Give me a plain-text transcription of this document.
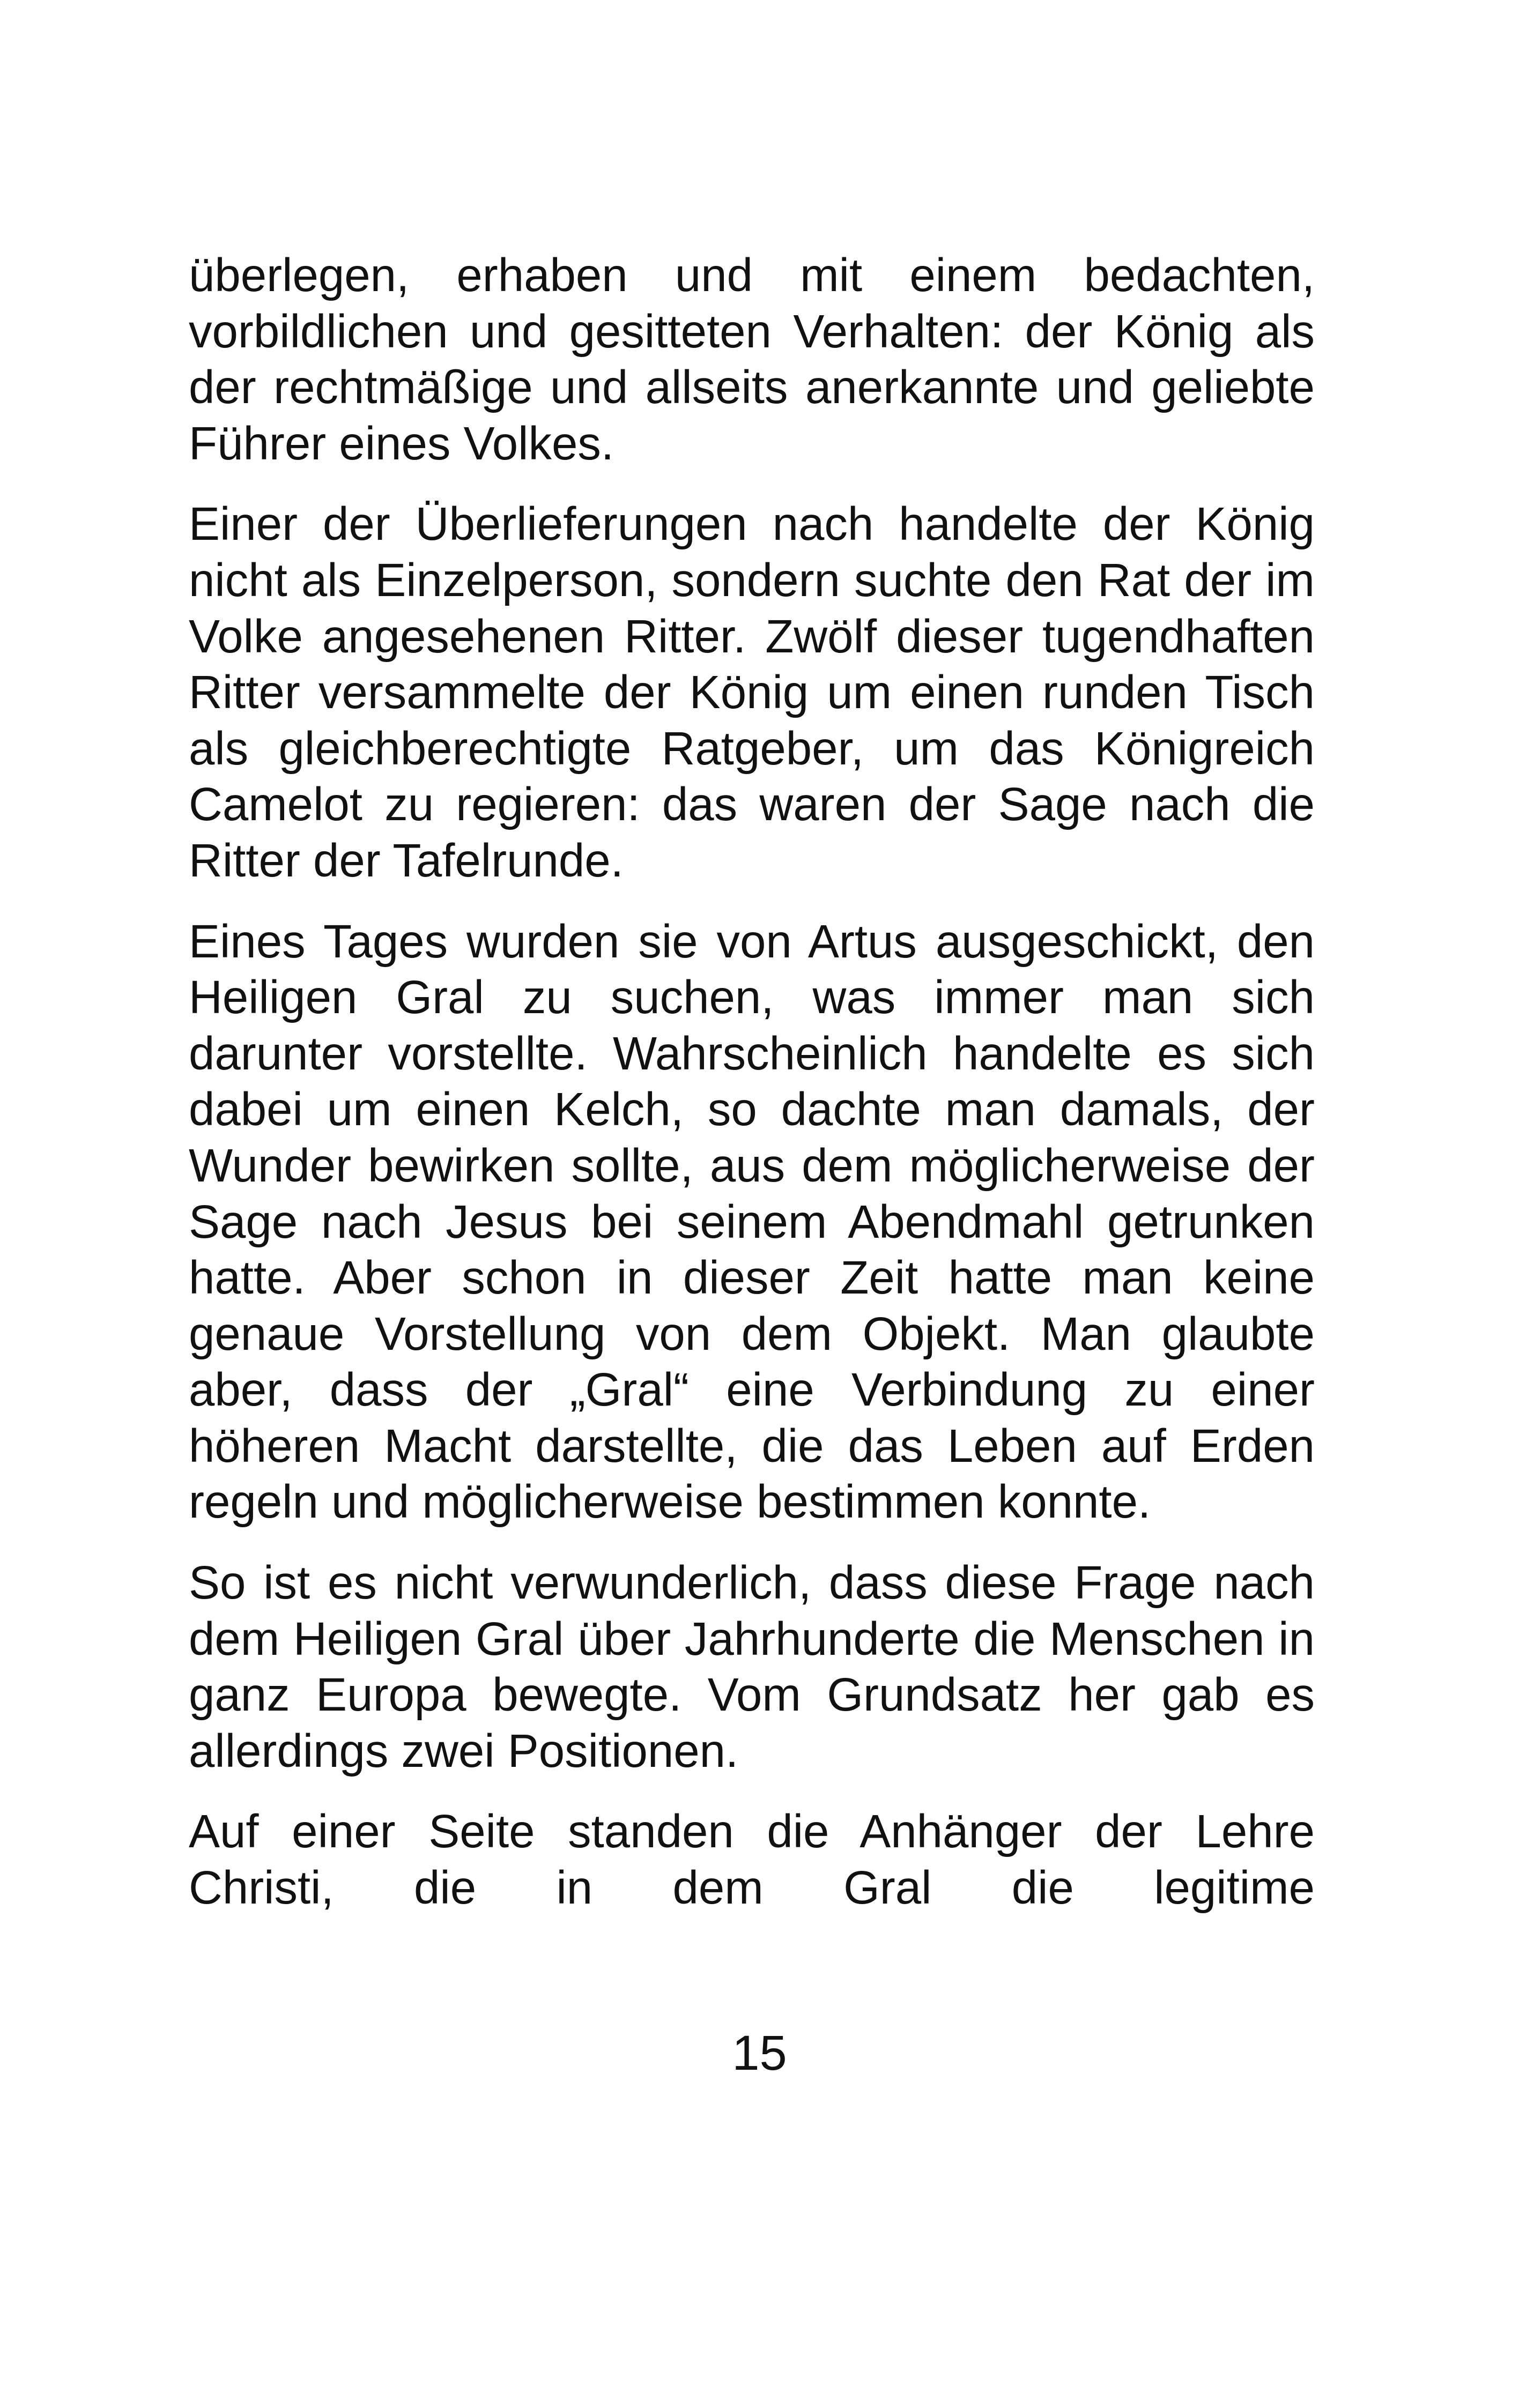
überlegen, erhaben und mit einem bedachten, vorbildlichen und gesitteten Verhalten: der König als der rechtmäßige und allseits anerkannte und geliebte Führer eines Volkes.

Einer der Überlieferungen nach handelte der König nicht als Einzelperson, sondern suchte den Rat der im Volke angesehenen Ritter. Zwölf dieser tugendhaften Ritter versammelte der König um einen runden Tisch als gleichberechtigte Ratgeber, um das Königreich Camelot zu regieren: das waren der Sage nach die Ritter der Tafelrunde.

Eines Tages wurden sie von Artus ausgeschickt, den Heiligen Gral zu suchen, was immer man sich darunter vorstellte. Wahrscheinlich handelte es sich dabei um einen Kelch, so dachte man damals, der Wunder bewirken sollte, aus dem möglicherweise der Sage nach Jesus bei seinem Abendmahl getrunken hatte. Aber schon in dieser Zeit hatte man keine genaue Vorstellung von dem Objekt. Man glaubte aber, dass der „Gral“ eine Verbindung zu einer höheren Macht darstellte, die das Leben auf Erden regeln und möglicherweise bestimmen konnte.

So ist es nicht verwunderlich, dass diese Frage nach dem Heiligen Gral über Jahrhunderte die Menschen in ganz Europa bewegte. Vom Grundsatz her gab es allerdings zwei Positionen.

Auf einer Seite standen die Anhänger der Lehre Christi, die in dem Gral die legitime

15
